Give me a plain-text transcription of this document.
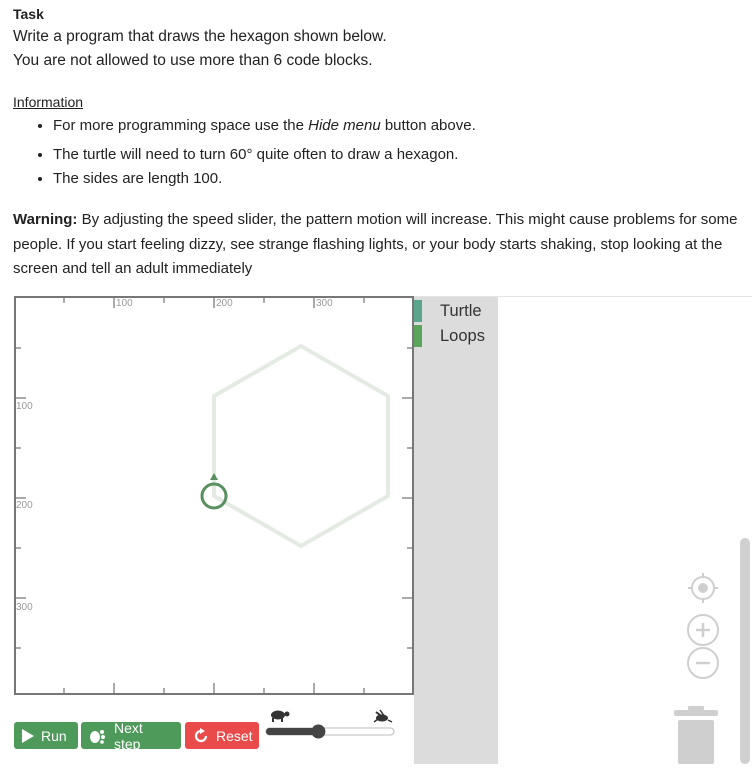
Task
Write a program that draws the hexagon shown below.
You are not allowed to use more than 6 code blocks.
Information
• For more programming space use the Hide menu button above.
• The turtle will need to turn 60° quite often to draw a hexagon.
• The sides are length 100.
Warning: By adjusting the speed slider, the pattern motion will increase. This might cause problems for some people. If you start feeling dizzy, see strange flashing lights, or your body starts shaking, stop looking at the screen and tell an adult immediately
100	200	300
100
200
300
Turtle
Loops
Run	Next step	Reset
